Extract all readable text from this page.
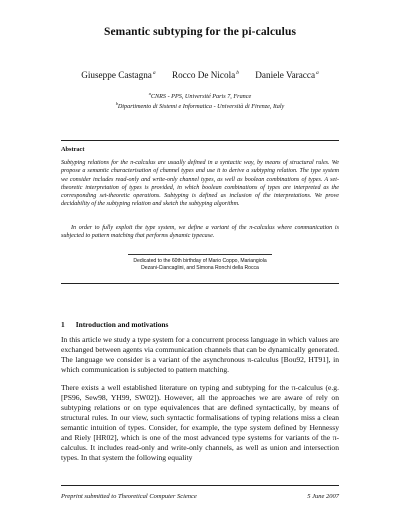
Semantic subtyping for the pi-calculus
Giuseppe Castagna$^a$ Rocco De Nicola$^b$ Daniele Varacca$^a$
$^a$CNRS - PPS, Université Paris 7, France
$^b$Dipartimento di Sistemi e Informatica - Università di Firenze, Italy
Abstract
Subtyping relations for the π-calculus are usually defined in a syntactic way, by means of structural rules. We propose a semantic characterisation of channel types and use it to derive a subtyping relation. The type system we consider includes read-only and write-only channel types, as well as boolean combinations of types. A set-theoretic interpretation of types is provided, in which boolean combinations of types are interpreted as the corresponding set-theoretic operations. Subtyping is defined as inclusion of the interpretations. We prove decidability of the subtyping relation and sketch the subtyping algorithm.
In order to fully exploit the type system, we define a variant of the π-calculus where communication is subjected to pattern matching that performs dynamic typecase.
Dedicated to the 60th birthday of Mario Coppo, Mariangiola Dezani-Ciancaglini, and Simona Ronchi della Rocca
1 Introduction and motivations
In this article we study a type system for a concurrent process language in which values are exchanged between agents via communication channels that can be dynamically generated. The language we consider is a variant of the asynchronous π-calculus [Bou92, HT91], in which communication is subjected to pattern matching.
There exists a well established literature on typing and subtyping for the π-calculus (e.g. [PS96, Sew98, YH99, SW02]). However, all the approaches we are aware of rely on subtyping relations or on type equivalences that are defined syntactically, by means of structural rules. In our view, such syntactic formalisations of typing relations miss a clean semantic intuition of types. Consider, for example, the type system defined by Hennessy and Riely [HR02], which is one of the most advanced type systems for variants of the π-calculus. It includes read-only and write-only channels, as well as union and intersection types. In that system the following equality
Preprint submitted to Theoretical Computer Science	5 June 2007
